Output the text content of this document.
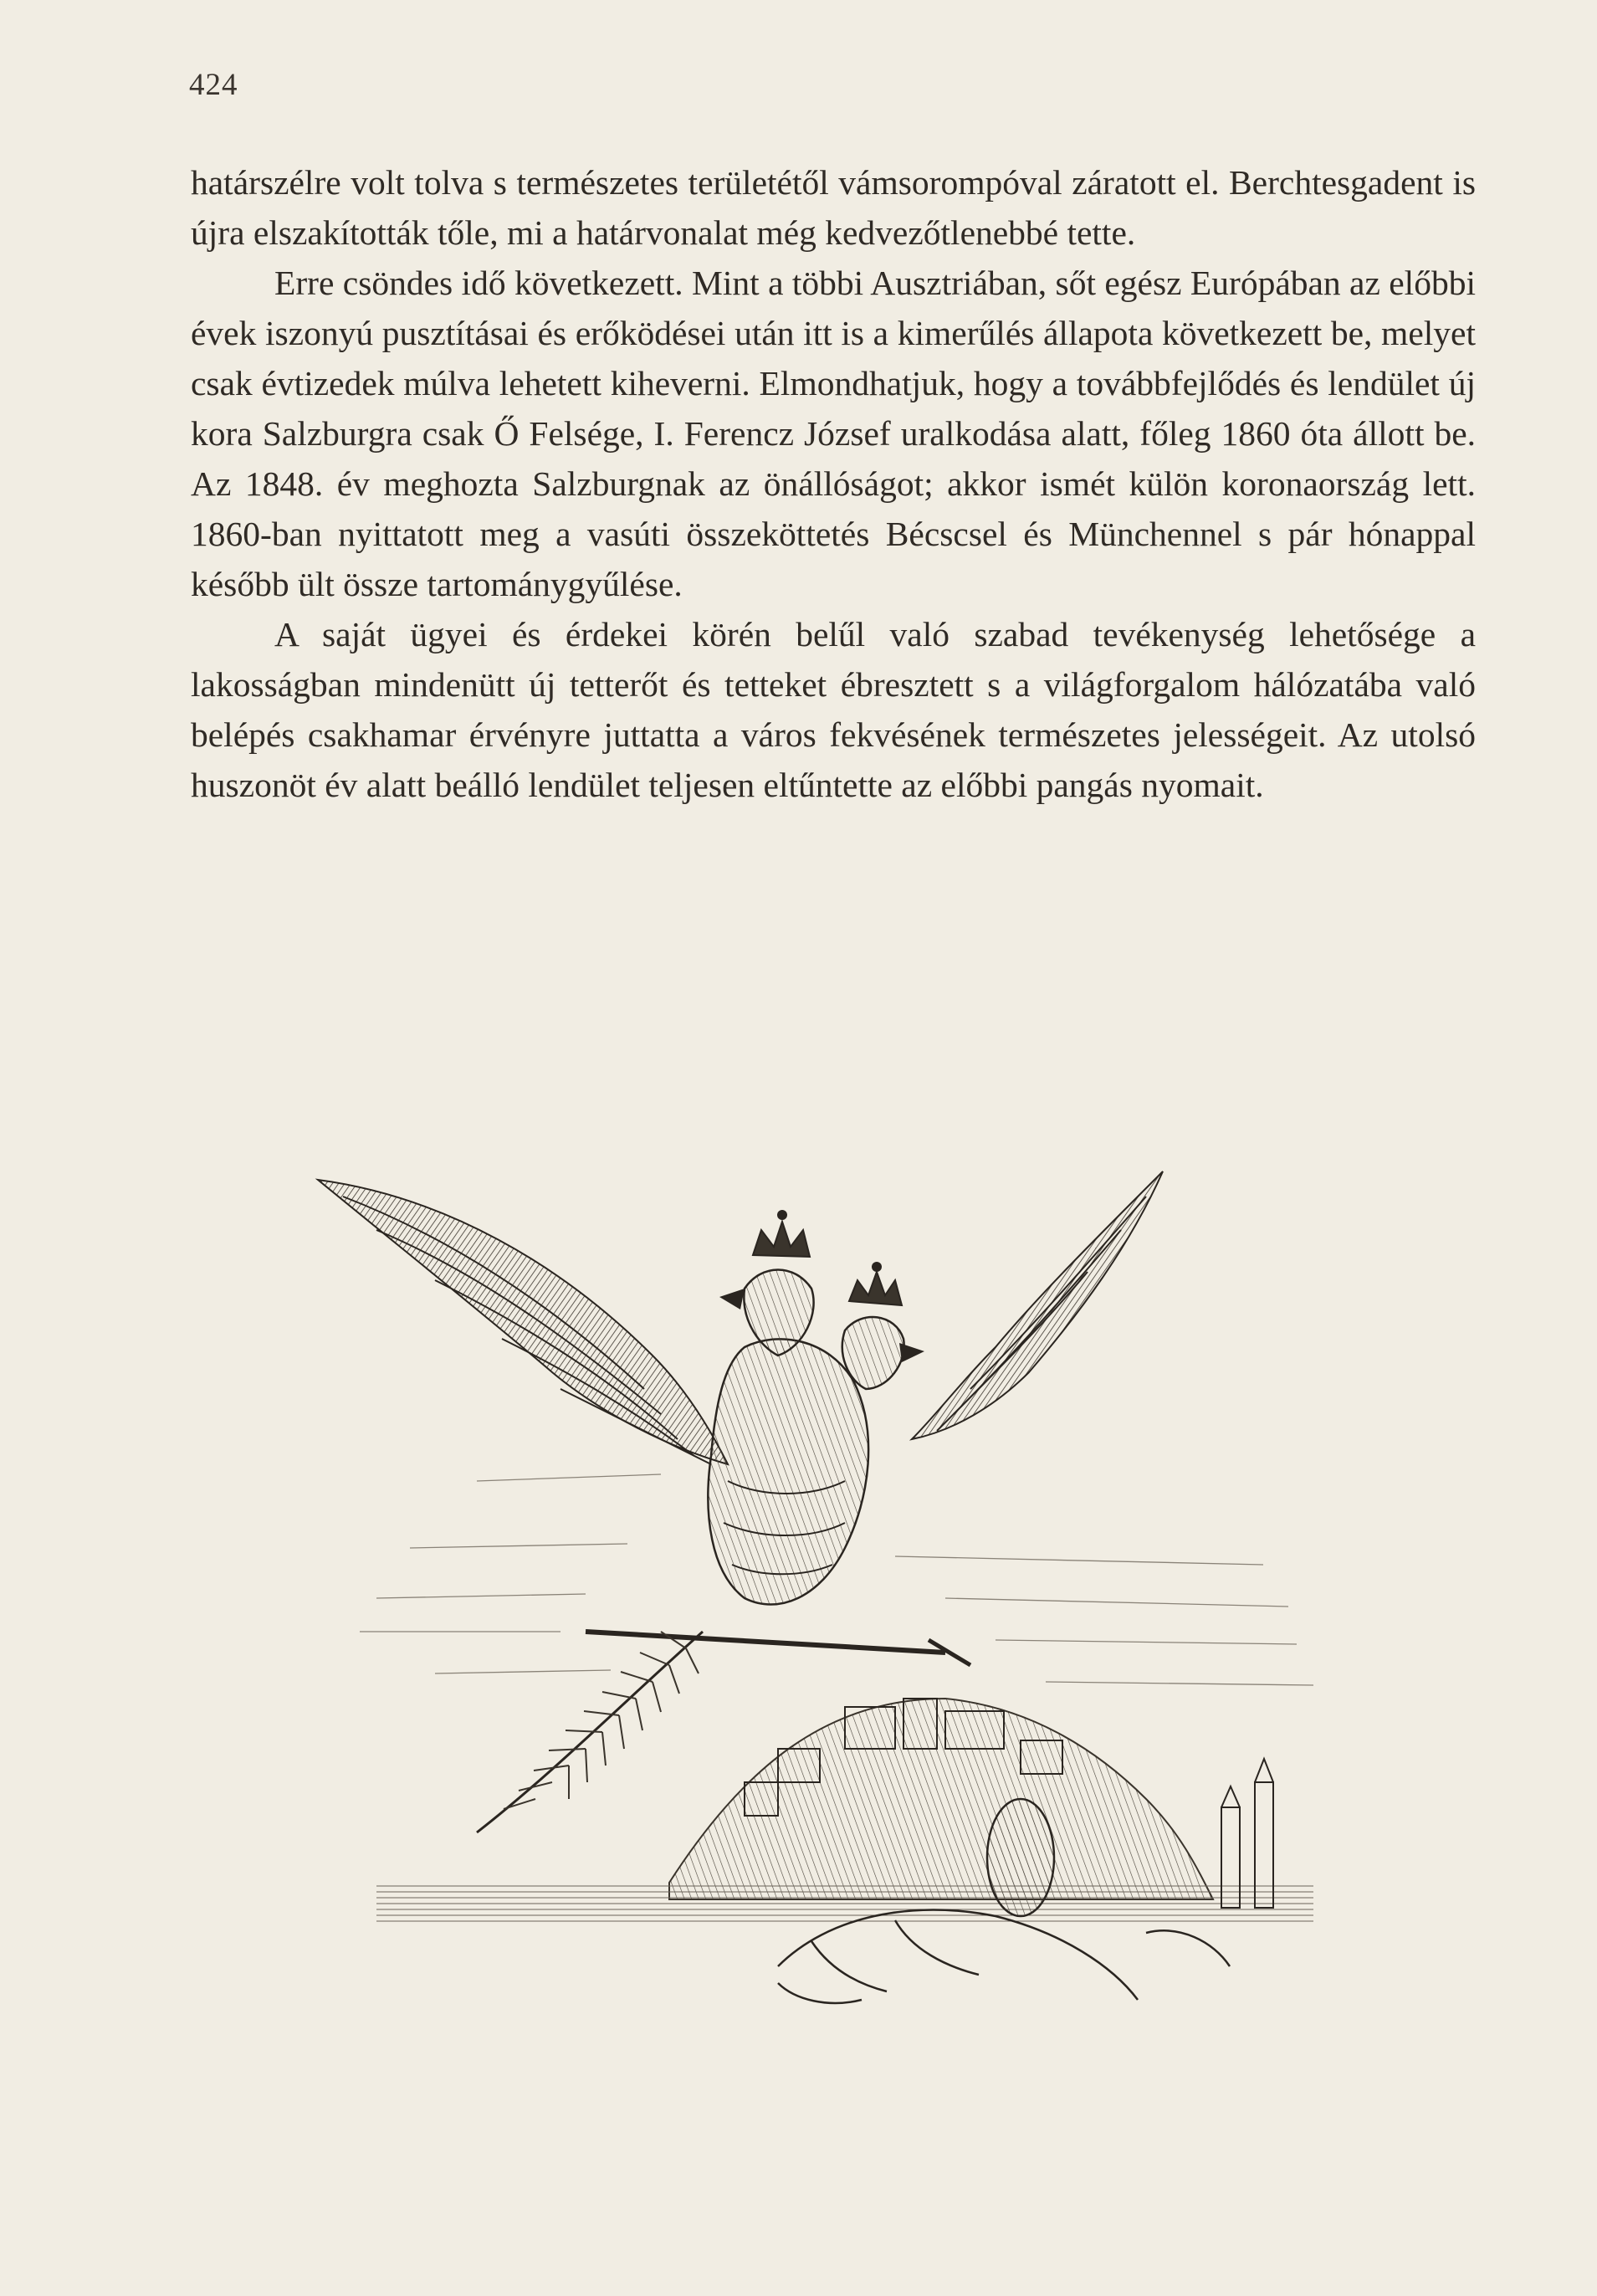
424

határszélre volt tolva s természetes területétől vámsorompóval záratott el. Berchtesgadent is újra elszakították tőle, mi a határvonalat még kedvezőtlenebbé tette.

Erre csöndes idő következett. Mint a többi Ausztriában, sőt egész Európában az előbbi évek iszonyú pusztításai és erőködései után itt is a kimerűlés állapota következett be, melyet csak évtizedek múlva lehetett kiheverni. Elmondhatjuk, hogy a továbbfejlődés és lendület új kora Salzburgra csak Ő Felsége, I. Ferencz József uralkodása alatt, főleg 1860 óta állott be. Az 1848. év meghozta Salzburgnak az önállóságot; akkor ismét külön koronaország lett. 1860-ban nyittatott meg a vasúti összeköttetés Bécscsel és Münchennel s pár hónappal később ült össze tartománygyűlése.

A saját ügyei és érdekei körén belűl való szabad tevékenység lehetősége a lakosságban mindenütt új tetterőt és tetteket ébresztett s a világforgalom hálózatába való belépés csakhamar érvényre juttatta a város fekvésének természetes jelességeit. Az utolsó huszonöt év alatt beálló lendület teljesen eltűntette az előbbi pangás nyomait.
